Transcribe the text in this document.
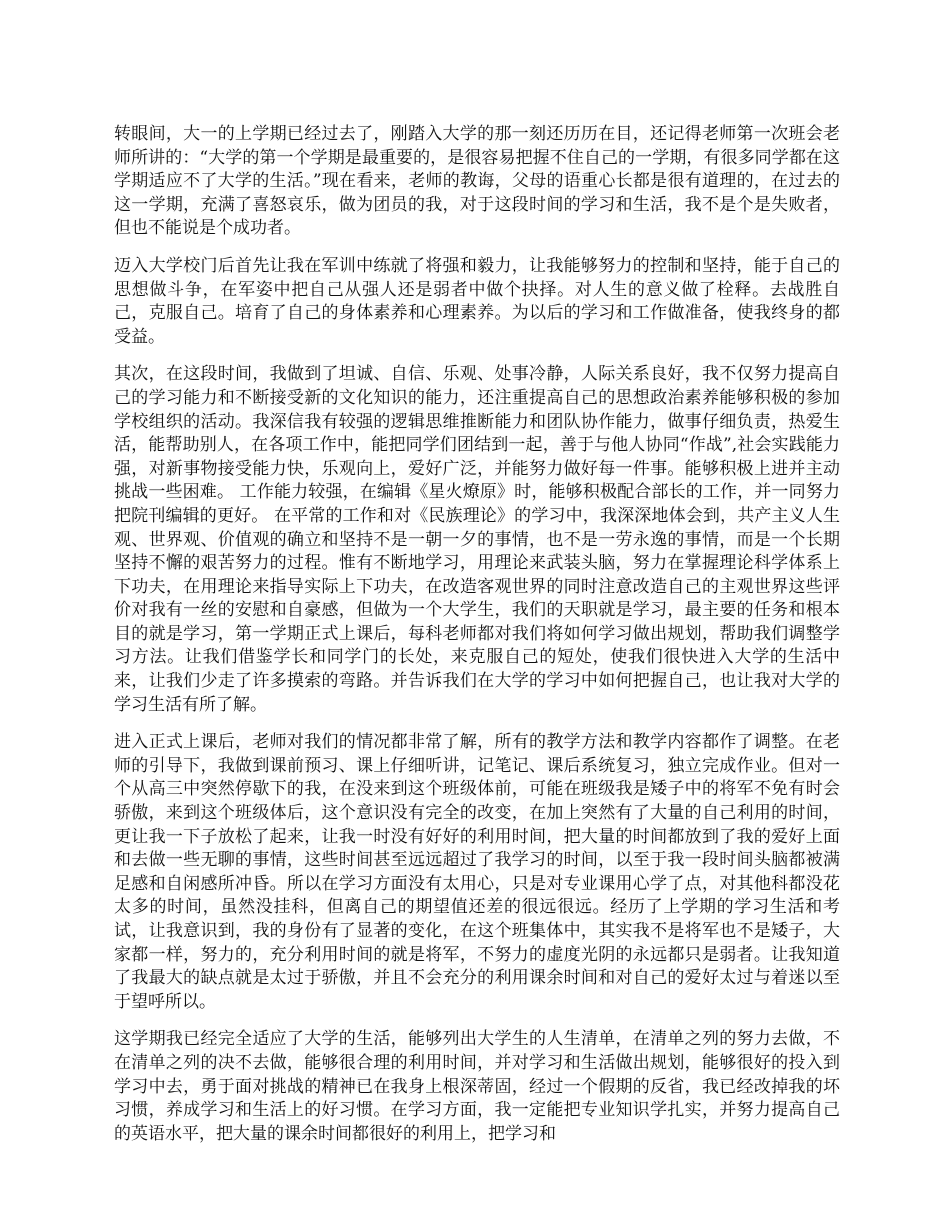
转眼间，大一的上学期已经过去了，刚踏入大学的那一刻还历历在目，还记得老师第一次班会老师所讲的：“大学的第一个学期是最重要的，是很容易把握不住自己的一学期，有很多同学都在这学期适应不了大学的生活。”现在看来，老师的教诲，父母的语重心长都是很有道理的，在过去的这一学期，充满了喜怒哀乐，做为团员的我，对于这段时间的学习和生活，我不是个是失败者，但也不能说是个成功者。

迈入大学校门后首先让我在军训中练就了将强和毅力，让我能够努力的控制和坚持，能于自己的思想做斗争，在军姿中把自己从强人还是弱者中做个抉择。对人生的意义做了栓释。去战胜自己，克服自己。培育了自己的身体素养和心理素养。为以后的学习和工作做准备，使我终身的都受益。

其次，在这段时间，我做到了坦诚、自信、乐观、处事冷静，人际关系良好，我不仅努力提高自己的学习能力和不断接受新的文化知识的能力，还注重提高自己的思想政治素养能够积极的参加学校组织的活动。我深信我有较强的逻辑思维推断能力和团队协作能力，做事仔细负责，热爱生活，能帮助别人，在各项工作中，能把同学们团结到一起，善于与他人协同“作战”,社会实践能力强，对新事物接受能力快，乐观向上，爱好广泛，并能努力做好每一件事。能够积极上进并主动挑战一些困难。 工作能力较强，在编辑《星火燎原》时，能够积极配合部长的工作，并一同努力把院刊编辑的更好。 在平常的工作和对《民族理论》的学习中，我深深地体会到，共产主义人生观、世界观、价值观的确立和坚持不是一朝一夕的事情，也不是一劳永逸的事情，而是一个长期坚持不懈的艰苦努力的过程。惟有不断地学习，用理论来武装头脑，努力在掌握理论科学体系上下功夫，在用理论来指导实际上下功夫，在改造客观世界的同时注意改造自己的主观世界这些评价对我有一丝的安慰和自豪感，但做为一个大学生，我们的天职就是学习，最主要的任务和根本目的就是学习，第一学期正式上课后，每科老师都对我们将如何学习做出规划，帮助我们调整学习方法。让我们借鉴学长和同学门的长处，来克服自己的短处，使我们很快进入大学的生活中来，让我们少走了许多摸索的弯路。并告诉我们在大学的学习中如何把握自己，也让我对大学的学习生活有所了解。

进入正式上课后，老师对我们的情况都非常了解，所有的教学方法和教学内容都作了调整。在老师的引导下，我做到课前预习、课上仔细听讲，记笔记、课后系统复习，独立完成作业。但对一个从高三中突然停歇下的我，在没来到这个班级体前，可能在班级我是矮子中的将军不免有时会骄傲，来到这个班级体后，这个意识没有完全的改变，在加上突然有了大量的自己利用的时间，更让我一下子放松了起来，让我一时没有好好的利用时间，把大量的时间都放到了我的爱好上面和去做一些无聊的事情，这些时间甚至远远超过了我学习的时间，以至于我一段时间头脑都被满足感和自闲感所冲昏。所以在学习方面没有太用心，只是对专业课用心学了点，对其他科都没花太多的时间，虽然没挂科，但离自己的期望值还差的很远很远。经历了上学期的学习生活和考试，让我意识到，我的身份有了显著的变化，在这个班集体中，其实我不是将军也不是矮子，大家都一样，努力的，充分利用时间的就是将军，不努力的虚度光阴的永远都只是弱者。让我知道了我最大的缺点就是太过于骄傲，并且不会充分的利用课余时间和对自己的爱好太过与着迷以至于望呼所以。

这学期我已经完全适应了大学的生活，能够列出大学生的人生清单，在清单之列的努力去做，不在清单之列的决不去做，能够很合理的利用时间，并对学习和生活做出规划，能够很好的投入到学习中去，勇于面对挑战的精神已在我身上根深蒂固，经过一个假期的反省，我已经改掉我的坏习惯，养成学习和生活上的好习惯。在学习方面，我一定能把专业知识学扎实，并努力提高自己的英语水平，把大量的课余时间都很好的利用上，把学习和
